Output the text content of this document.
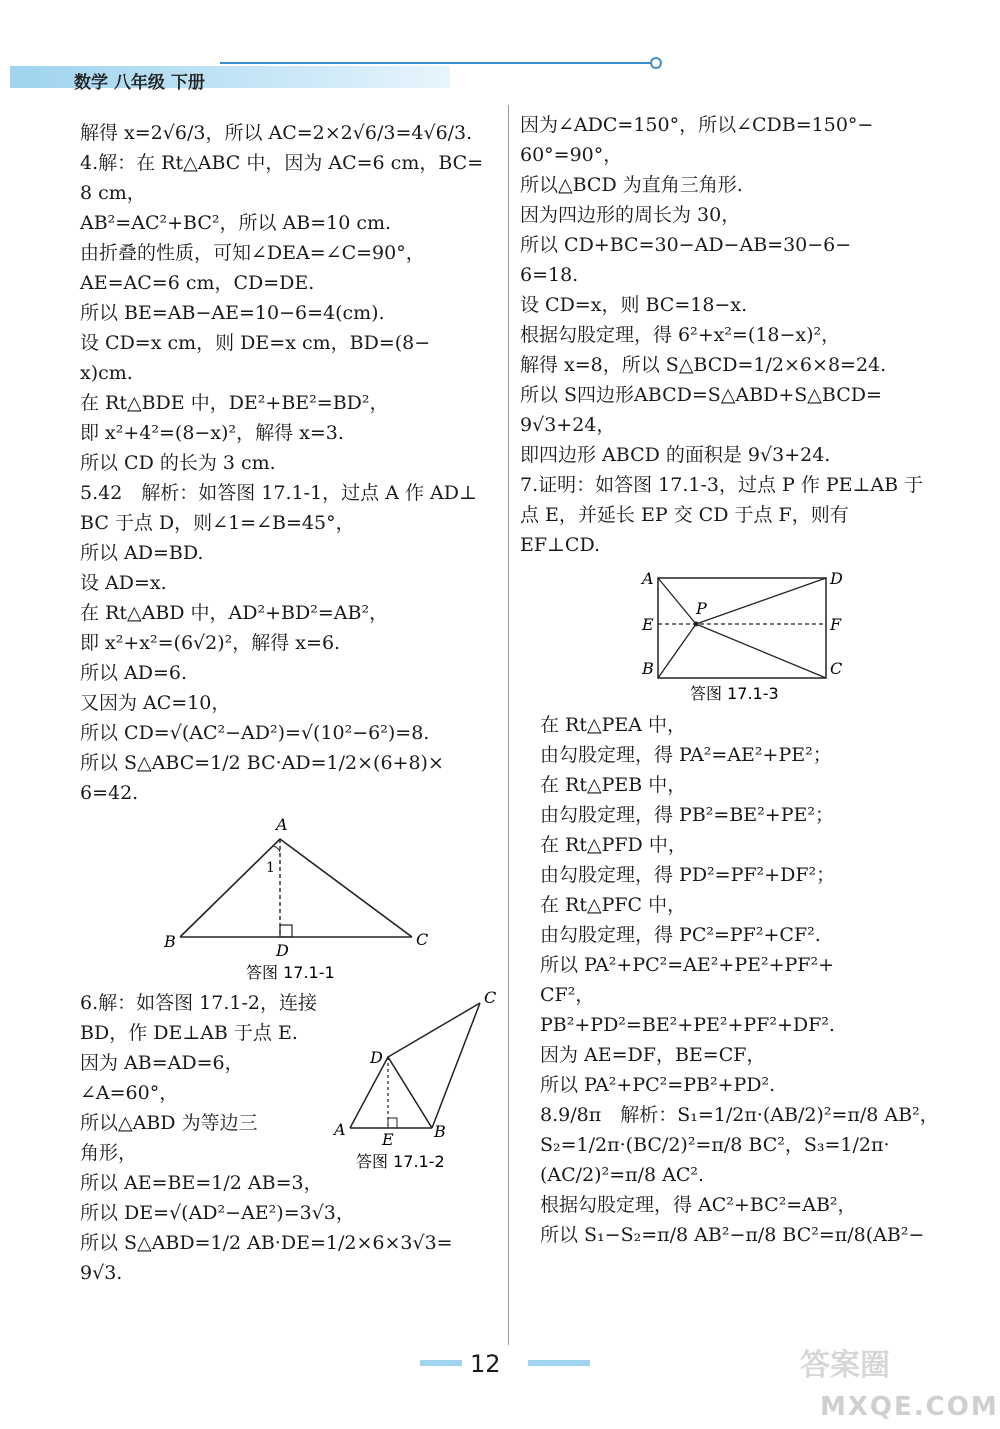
数学 八年级 下册
解得 x=2√6/3，所以 AC=2×2√6/3=4√6/3.
4.解：在 Rt△ABC 中，因为 AC=6 cm，BC=
8 cm，
AB²=AC²+BC²，所以 AB=10 cm.
由折叠的性质，可知∠DEA=∠C=90°，
AE=AC=6 cm，CD=DE.
所以 BE=AB−AE=10−6=4(cm).
设 CD=x cm，则 DE=x cm，BD=(8−
x)cm.
在 Rt△BDE 中，DE²+BE²=BD²，
即 x²+4²=(8−x)²，解得 x=3.
所以 CD 的长为 3 cm.
5.42　解析：如答图 17.1-1，过点 A 作 AD⊥
BC 于点 D，则∠1=∠B=45°，
所以 AD=BD.
设 AD=x.
在 Rt△ABD 中，AD²+BD²=AB²，
即 x²+x²=(6√2)²，解得 x=6.
所以 AD=6.
又因为 AC=10，
所以 CD=√(AC²−AD²)=√(10²−6²)=8.
所以 S△ABC=1/2 BC·AD=1/2×(6+8)×
6=42.
A
B	C
D
1
答图 17.1-1
6.解：如答图 17.1-2，连接
BD，作 DE⊥AB 于点 E.
因为 AB=AD=6，
∠A=60°，
所以△ABD 为等边三
角形，
所以 AE=BE=1/2 AB=3，
所以 DE=√(AD²−AE²)=3√3，
所以 S△ABD=1/2 AB·DE=1/2×6×3√3=
9√3.
C
D
A	B
E
答图 17.1-2
因为∠ADC=150°，所以∠CDB=150°−
60°=90°，
所以△BCD 为直角三角形.
因为四边形的周长为 30，
所以 CD+BC=30−AD−AB=30−6−
6=18.
设 CD=x，则 BC=18−x.
根据勾股定理，得 6²+x²=(18−x)²，
解得 x=8，所以 S△BCD=1/2×6×8=24.
所以 S四边形ABCD=S△ABD+S△BCD=
9√3+24，
即四边形 ABCD 的面积是 9√3+24.
7.证明：如答图 17.1-3，过点 P 作 PE⊥AB 于
点 E，并延长 EP 交 CD 于点 F，则有
EF⊥CD.
A
B	C
D
E	F
P
答图 17.1-3
在 Rt△PEA 中，
由勾股定理，得 PA²=AE²+PE²；
在 Rt△PEB 中，
由勾股定理，得 PB²=BE²+PE²；
在 Rt△PFD 中，
由勾股定理，得 PD²=PF²+DF²；
在 Rt△PFC 中，
由勾股定理，得 PC²=PF²+CF².
所以 PA²+PC²=AE²+PE²+PF²+
CF²，
PB²+PD²=BE²+PE²+PF²+DF².
因为 AE=DF，BE=CF，
所以 PA²+PC²=PB²+PD².
8.9/8π　解析：S₁=1/2π·(AB/2)²=π/8 AB²，
S₂=1/2π·(BC/2)²=π/8 BC²，S₃=1/2π·
(AC/2)²=π/8 AC².
根据勾股定理，得 AC²+BC²=AB²，
所以 S₁−S₂=π/8 AB²−π/8 BC²=π/8(AB²−
12	答案圈
MXQE.COM
